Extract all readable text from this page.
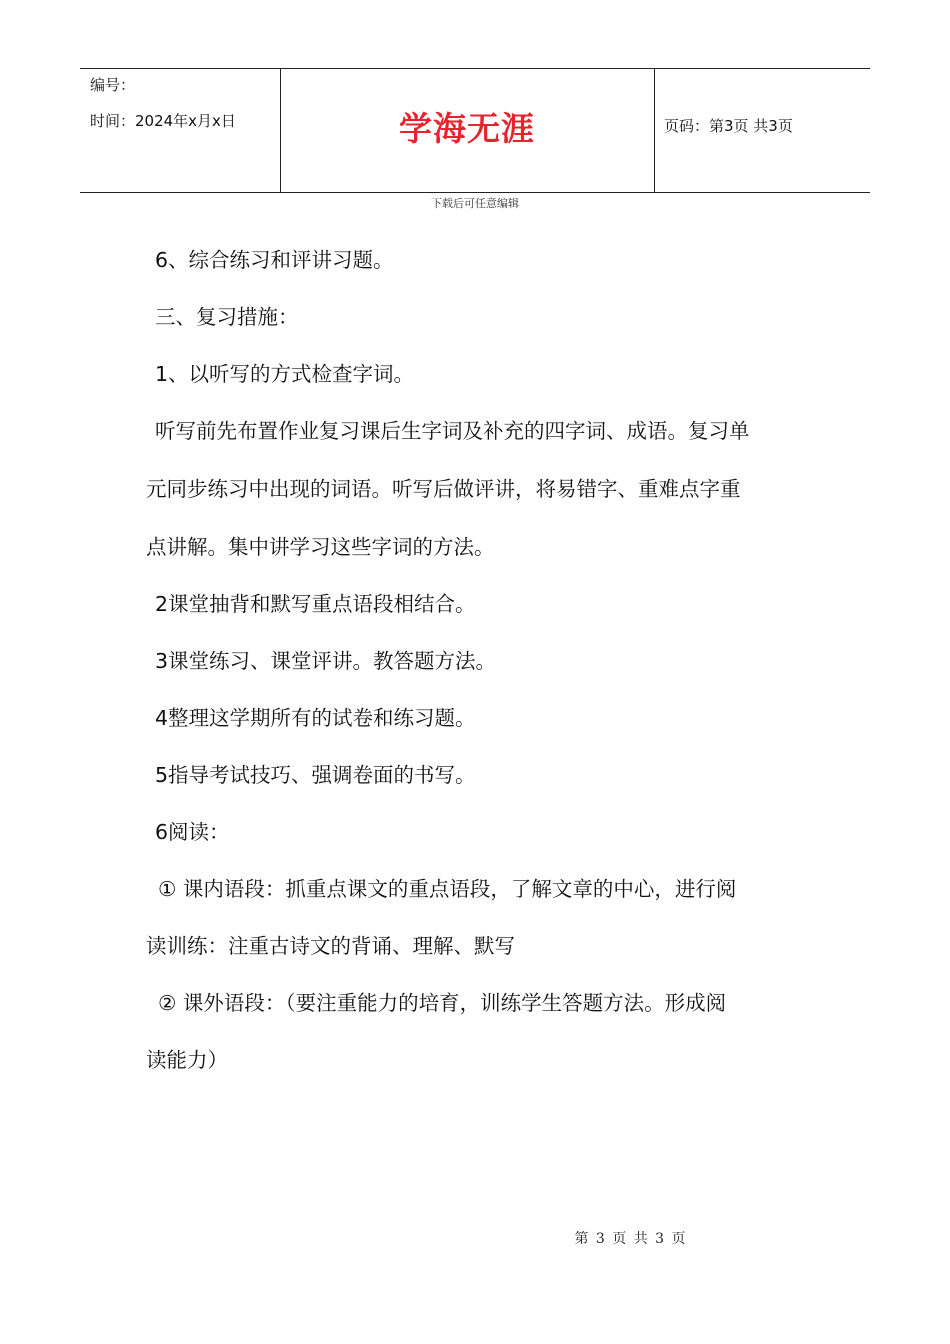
编号：
时间：2024年x月x日	学海无涯	页码：第3页 共3页
下载后可任意编辑
6、综合练习和评讲习题。
三、复习措施：
1、以听写的方式检查字词。
听写前先布置作业复习课后生字词及补充的四字词、成语。复习单
元同步练习中出现的词语。听写后做评讲，将易错字、重难点字重
点讲解。集中讲学习这些字词的方法。
2课堂抽背和默写重点语段相结合。
3课堂练习、课堂评讲。教答题方法。
4整理这学期所有的试卷和练习题。
5指导考试技巧、强调卷面的书写。
6阅读：
① 课内语段：抓重点课文的重点语段，了解文章的中心，进行阅
读训练：注重古诗文的背诵、理解、默写
② 课外语段：（要注重能力的培育，训练学生答题方法。形成阅
读能力）
第 3 页 共 3 页
